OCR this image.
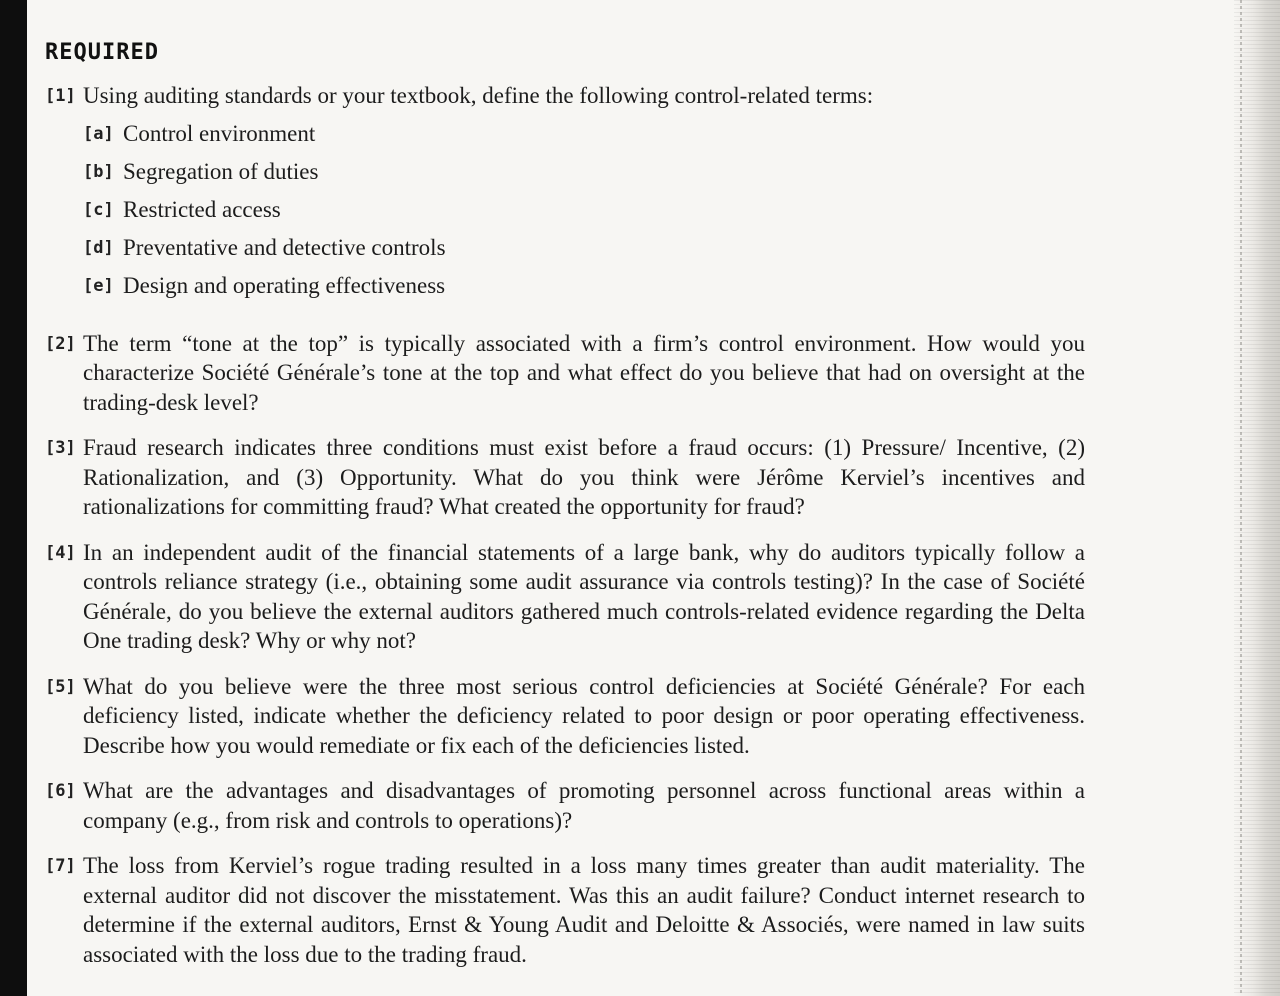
REQUIRED
[1] Using auditing standards or your textbook, define the following control-related terms:
[a] Control environment
[b] Segregation of duties
[c] Restricted access
[d] Preventative and detective controls
[e] Design and operating effectiveness
[2] The term “tone at the top” is typically associated with a firm’s control environment. How would you characterize Société Générale’s tone at the top and what effect do you believe that had on oversight at the trading-desk level?
[3] Fraud research indicates three conditions must exist before a fraud occurs: (1) Pressure/ Incentive, (2) Rationalization, and (3) Opportunity. What do you think were Jérôme Kerviel’s incentives and rationalizations for committing fraud? What created the opportunity for fraud?
[4] In an independent audit of the financial statements of a large bank, why do auditors typically follow a controls reliance strategy (i.e., obtaining some audit assurance via controls testing)? In the case of Société Générale, do you believe the external auditors gathered much controls-related evidence regarding the Delta One trading desk? Why or why not?
[5] What do you believe were the three most serious control deficiencies at Société Générale? For each deficiency listed, indicate whether the deficiency related to poor design or poor operating effectiveness. Describe how you would remediate or fix each of the deficiencies listed.
[6] What are the advantages and disadvantages of promoting personnel across functional areas within a company (e.g., from risk and controls to operations)?
[7] The loss from Kerviel’s rogue trading resulted in a loss many times greater than audit materiality. The external auditor did not discover the misstatement. Was this an audit failure? Conduct internet research to determine if the external auditors, Ernst & Young Audit and Deloitte & Associés, were named in law suits associated with the loss due to the trading fraud.
